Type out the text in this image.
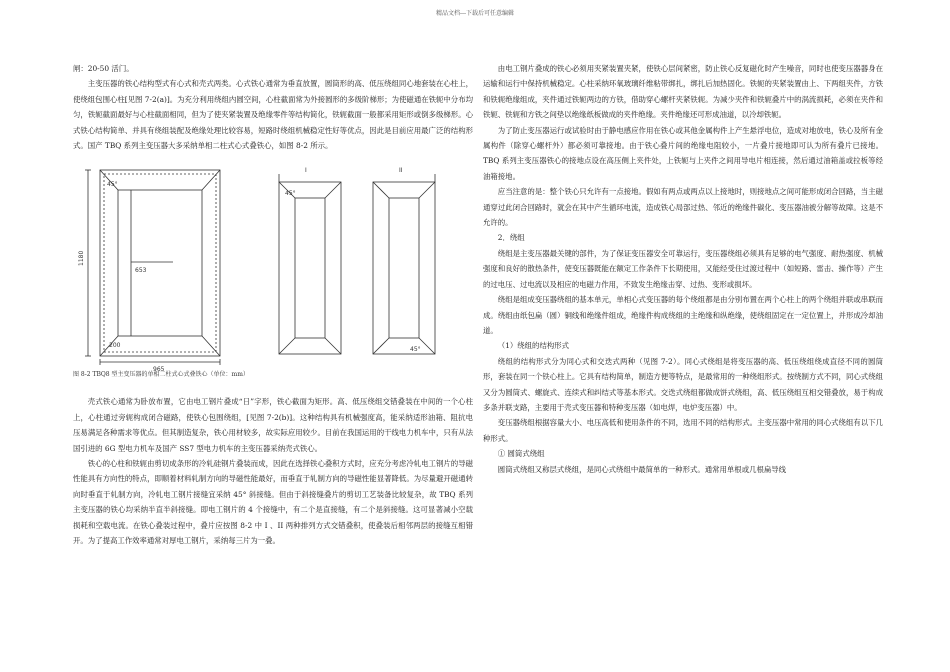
精品文档---下载后可任意编辑

闸：20-50 活门。

主变压器的铁心结构型式有心式和壳式两类。心式铁心通常为垂直放置，圆筒形的高、低压绕组同心地套装在心柱上，使绕组包围心柱[见图 7-2(a)]。为充分利用绕组内圆空间，心柱截面常为外接圆形的多级阶梯形；为使磁通在铁轭中分布均匀，铁轭截面最好与心柱截面相同，但为了使夹紧装置及绝缘零件等结构简化，铁轭截面一般都采用矩形或倒多级梯形。心式铁心结构简单、并具有绕组装配及绝缘处理比较容易，短路时绕组机械稳定性好等优点，因此是目前应用最广泛的结构形式。国产 TBQ 系列主变压器大多采纳单相二柱式心式叠铁心，如图 8-2 所示。

1180
653
200
965
45°
45°
45°
I	II
图 8-2 TBQ8 型主变压器的单相二柱式心式叠铁心（单位：mm）

壳式铁心通常为卧放布置，它由电工钢片叠成“日”字形，铁心截面为矩形。高、低压绕组交错叠装在中间的一个心柱上，心柱通过旁轭构成闭合磁路，使铁心包围绕组，[见图 7-2(b)]。这种结构具有机械强度高，能采纳适形油箱、阻抗电压易满足各种需求等优点。但其制造复杂，铁心用材较多，故实际应用较少。目前在我国运用的干线电力机车中，只有从法国引进的 6G 型电力机车及国产 SS7 型电力机车的主变压器采纳壳式铁心。

铁心的心柱和铁轭由剪切成条形的冷轧硅钢片叠装而成，因此在选择铁心叠积方式时，应充分考虑冷轧电工钢片的导磁性能具有方向性的特点，即顺着材料轧制方向的导磁性能最好，而垂直于轧制方向的导磁性能显著降低。为尽量避开磁通转向时垂直于轧制方向，冷轧电工钢片接缝宜采纳 45° 斜接缝。但由于斜接缝叠片的剪切工艺装备比较复杂，故 TBQ 系列主变压器的铁心均采纳半直半斜接缝。即电工钢片的 4 个接缝中，有二个是直接缝，有二个是斜接缝。这可显著减小空载损耗和空载电流。在铁心叠装过程中，叠片应按图 8-2 中 I 、II 两种排列方式交错叠积，使叠装后相邻两层的接缝互相错开。为了提高工作效率通常对厚电工钢片，采纳每三片为一叠。

由电工钢片叠成的铁心必须用夹紧装置夹紧，使铁心层间紧密，防止铁心反复磁化时产生噪音，同时也使变压器器身在运输和运行中保持机械稳定。心柱采纳环氧玻璃纤维粘带绑扎，绑扎后加热固化。铁轭的夹紧装置由上、下两组夹件，方铁和铁轭绝缘组成，夹件通过铁轭两边的方铁，借助穿心螺杆夹紧铁轭。为减少夹件和铁轭叠片中的涡流损耗，必须在夹件和铁轭、铁轭和方铁之间垫以绝缘纸板做成的夹件绝缘。夹件绝缘还可形成油道，以冷却铁轭。

为了防止变压器运行或试验时由于静电感应作用在铁心或其他金属构件上产生悬浮电位，造成对地放电，铁心及所有金属构件（除穿心螺杆外）都必须可靠接地。由于铁心叠片间的绝缘电阻较小，一片叠片接地即可认为所有叠片已接地。TBQ 系列主变压器铁心的接地点设在高压侧上夹件处，上铁轭与上夹件之间用导电片相连接，然后通过油箱盖或拉板等经油箱接地。

应当注意的是：整个铁心只允许有一点接地。假如有两点或两点以上接地时，则接地点之间可能形成闭合回路，当主磁通穿过此闭合回路时，就会在其中产生循环电流，造成铁心局部过热、邻近的绝缘件碳化、变压器油被分解等故障。这是不允许的。

2．绕组

绕组是主变压器最关键的部件，为了保证变压器安全可靠运行，变压器绕组必须具有足够的电气强度、耐热强度、机械强度和良好的散热条件，使变压器既能在额定工作条件下长期使用，又能经受住过渡过程中（如短路、雷击、操作等）产生的过电压、过电流以及相应的电磁力作用，不致发生绝缘击穿、过热、变形或损坏。

绕组是组成变压器绕组的基本单元，单相心式变压器的每个绕组都是由分别布置在两个心柱上的两个绕组并联或串联而成。绕组由纸包扁（圆）铜线和绝缘件组成，绝缘件构成绕组的主绝缘和纵绝缘，使绕组固定在一定位置上，并形成冷却油道。

（1）绕组的结构形式

绕组的结构形式分为同心式和交迭式两种（见图 7-2）。同心式绕组是将变压器的高、低压绕组绕成直径不同的圆筒形，套装在同一个铁心柱上。它具有结构简单，制造方便等特点，是最常用的一种绕组形式。按绕制方式不同，同心式绕组又分为圆筒式、螺旋式、连续式和纠结式等基本形式。交迭式绕组都做成饼式绕组，高、低压绕组互相交错叠放，易于构成多条并联支路，主要用于壳式变压器和特种变压器（如电焊，电炉变压器）中。

变压器绕组根据容量大小、电压高低和使用条件的不同，选用不同的结构形式。主变压器中常用的同心式绕组有以下几种形式。

① 圆筒式绕组

圆筒式绕组又称层式绕组，是同心式绕组中最简单的一种形式。通常用单根或几根扁导线
